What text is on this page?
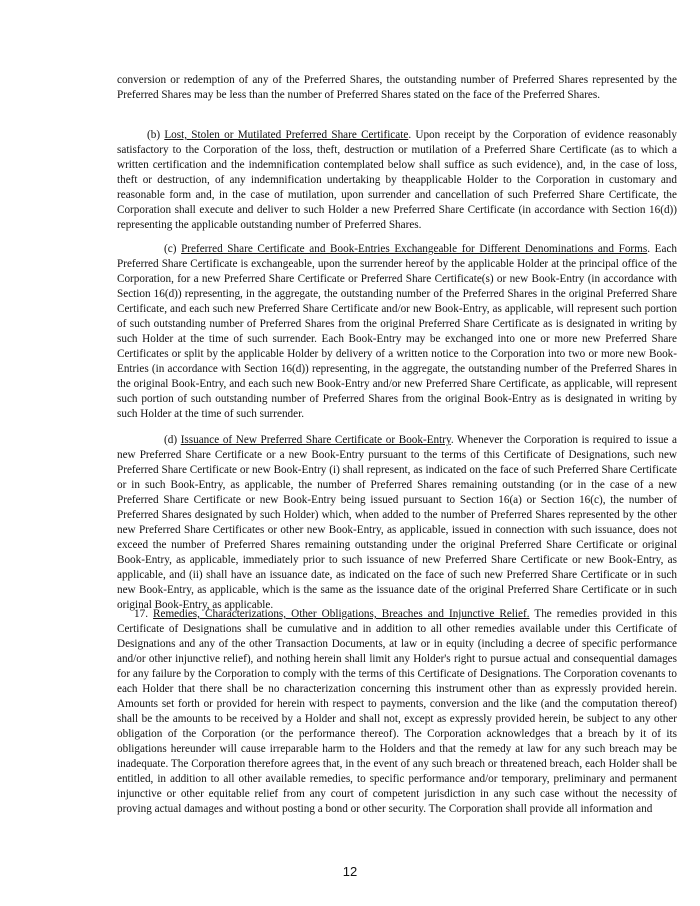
conversion or redemption of any of the Preferred Shares, the outstanding number of Preferred Shares represented by the Preferred Shares may be less than the number of Preferred Shares stated on the face of the Preferred Shares.

(b) Lost, Stolen or Mutilated Preferred Share Certificate. Upon receipt by the Corporation of evidence reasonably satisfactory to the Corporation of the loss, theft, destruction or mutilation of a Preferred Share Certificate (as to which a written certification and the indemnification contemplated below shall suffice as such evidence), and, in the case of loss, theft or destruction, of any indemnification undertaking by theapplicable Holder to the Corporation in customary and reasonable form and, in the case of mutilation, upon surrender and cancellation of such Preferred Share Certificate, the Corporation shall execute and deliver to such Holder a new Preferred Share Certificate (in accordance with Section 16(d)) representing the applicable outstanding number of Preferred Shares.

(c) Preferred Share Certificate and Book-Entries Exchangeable for Different Denominations and Forms. Each Preferred Share Certificate is exchangeable, upon the surrender hereof by the applicable Holder at the principal office of the Corporation, for a new Preferred Share Certificate or Preferred Share Certificate(s) or new Book-Entry (in accordance with Section 16(d)) representing, in the aggregate, the outstanding number of the Preferred Shares in the original Preferred Share Certificate, and each such new Preferred Share Certificate and/or new Book-Entry, as applicable, will represent such portion of such outstanding number of Preferred Shares from the original Preferred Share Certificate as is designated in writing by such Holder at the time of such surrender. Each Book-Entry may be exchanged into one or more new Preferred Share Certificates or split by the applicable Holder by delivery of a written notice to the Corporation into two or more new Book-Entries (in accordance with Section 16(d)) representing, in the aggregate, the outstanding number of the Preferred Shares in the original Book-Entry, and each such new Book-Entry and/or new Preferred Share Certificate, as applicable, will represent such portion of such outstanding number of Preferred Shares from the original Book-Entry as is designated in writing by such Holder at the time of such surrender.

(d) Issuance of New Preferred Share Certificate or Book-Entry. Whenever the Corporation is required to issue a new Preferred Share Certificate or a new Book-Entry pursuant to the terms of this Certificate of Designations, such new Preferred Share Certificate or new Book-Entry (i) shall represent, as indicated on the face of such Preferred Share Certificate or in such Book-Entry, as applicable, the number of Preferred Shares remaining outstanding (or in the case of a new Preferred Share Certificate or new Book-Entry being issued pursuant to Section 16(a) or Section 16(c), the number of Preferred Shares designated by such Holder) which, when added to the number of Preferred Shares represented by the other new Preferred Share Certificates or other new Book-Entry, as applicable, issued in connection with such issuance, does not exceed the number of Preferred Shares remaining outstanding under the original Preferred Share Certificate or original Book-Entry, as applicable, immediately prior to such issuance of new Preferred Share Certificate or new Book-Entry, as applicable, and (ii) shall have an issuance date, as indicated on the face of such new Preferred Share Certificate or in such new Book-Entry, as applicable, which is the same as the issuance date of the original Preferred Share Certificate or in such original Book-Entry, as applicable.

17. Remedies, Characterizations, Other Obligations, Breaches and Injunctive Relief. The remedies provided in this Certificate of Designations shall be cumulative and in addition to all other remedies available under this Certificate of Designations and any of the other Transaction Documents, at law or in equity (including a decree of specific performance and/or other injunctive relief), and nothing herein shall limit any Holder's right to pursue actual and consequential damages for any failure by the Corporation to comply with the terms of this Certificate of Designations. The Corporation covenants to each Holder that there shall be no characterization concerning this instrument other than as expressly provided herein. Amounts set forth or provided for herein with respect to payments, conversion and the like (and the computation thereof) shall be the amounts to be received by a Holder and shall not, except as expressly provided herein, be subject to any other obligation of the Corporation (or the performance thereof). The Corporation acknowledges that a breach by it of its obligations hereunder will cause irreparable harm to the Holders and that the remedy at law for any such breach may be inadequate. The Corporation therefore agrees that, in the event of any such breach or threatened breach, each Holder shall be entitled, in addition to all other available remedies, to specific performance and/or temporary, preliminary and permanent injunctive or other equitable relief from any court of competent jurisdiction in any such case without the necessity of proving actual damages and without posting a bond or other security. The Corporation shall provide all information and

12
